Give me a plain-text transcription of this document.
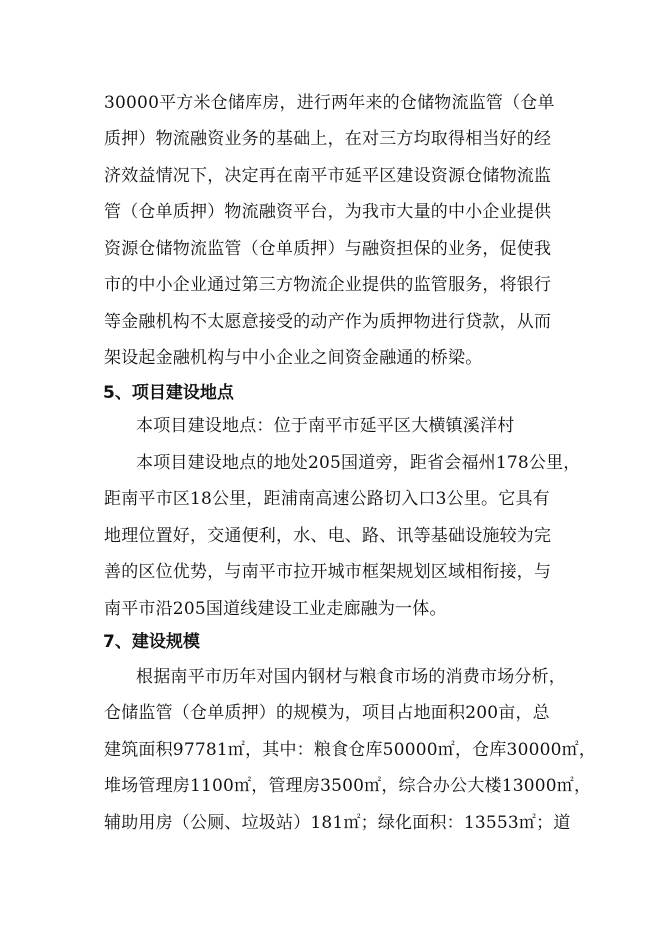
30000平方米仓储库房，进行两年来的仓储物流监管（仓单
质押）物流融资业务的基础上，在对三方均取得相当好的经
济效益情况下，决定再在南平市延平区建设资源仓储物流监
管（仓单质押）物流融资平台，为我市大量的中小企业提供
资源仓储物流监管（仓单质押）与融资担保的业务，促使我
市的中小企业通过第三方物流企业提供的监管服务，将银行
等金融机构不太愿意接受的动产作为质押物进行贷款，从而
架设起金融机构与中小企业之间资金融通的桥梁。
5、项目建设地点
本项目建设地点：位于南平市延平区大横镇溪洋村
本项目建设地点的地处205国道旁，距省会福州178公里，
距南平市区18公里，距浦南高速公路切入口3公里。它具有
地理位置好，交通便利，水、电、路、讯等基础设施较为完
善的区位优势，与南平市拉开城市框架规划区域相衔接，与
南平市沿205国道线建设工业走廊融为一体。
7、建设规模
根据南平市历年对国内钢材与粮食市场的消费市场分析，
仓储监管（仓单质押）的规模为，项目占地面积200亩，总
建筑面积97781㎡，其中：粮食仓库50000㎡，仓库30000㎡，
堆场管理房1100㎡，管理房3500㎡，综合办公大楼13000㎡，
辅助用房（公厕、垃圾站）181㎡；绿化面积：13553㎡；道
